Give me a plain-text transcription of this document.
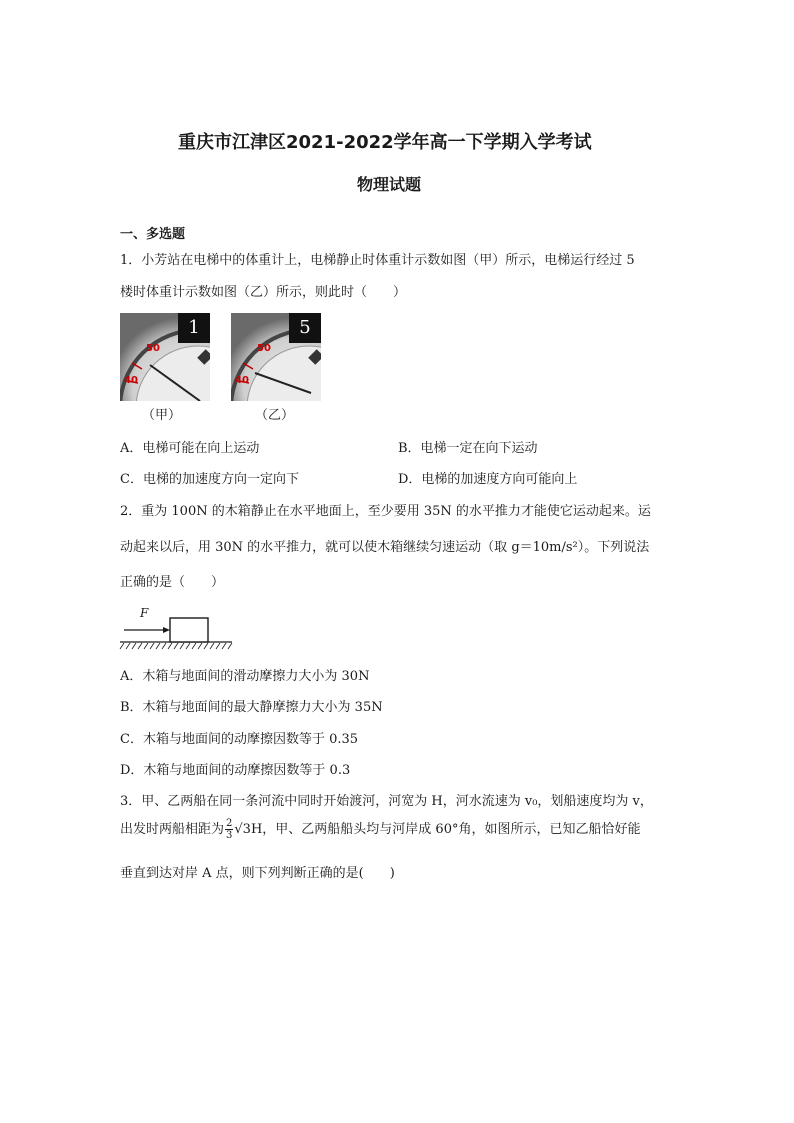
重庆市江津区2021-2022学年高一下学期入学考试
物理试题
一、多选题
1．小芳站在电梯中的体重计上，电梯静止时体重计示数如图（甲）所示，电梯运行经过 5
楼时体重计示数如图（乙）所示，则此时（　　）
1
50
40
5
50
40
（甲）	（乙）
A．电梯可能在向上运动	B．电梯一定在向下运动
C．电梯的加速度方向一定向下	D．电梯的加速度方向可能向上
2．重为 100N 的木箱静止在水平地面上，至少要用 35N 的水平推力才能使它运动起来。运
动起来以后，用 30N 的水平推力，就可以使木箱继续匀速运动（取 g＝10m/s²）。下列说法
正确的是（　　）
F
A．木箱与地面间的滑动摩擦力大小为 30N
B．木箱与地面间的最大静摩擦力大小为 35N
C．木箱与地面间的动摩擦因数等于 0.35
D．木箱与地面间的动摩擦因数等于 0.3
3．甲、乙两船在同一条河流中同时开始渡河，河宽为 H，河水流速为 v₀，划船速度均为 v，
出发时两船相距为 $\frac{2}{3} √3H$，甲、乙两船船头均与河岸成 60°角，如图所示，已知乙船恰好能
垂直到达对岸 A 点，则下列判断正确的是(　　)
